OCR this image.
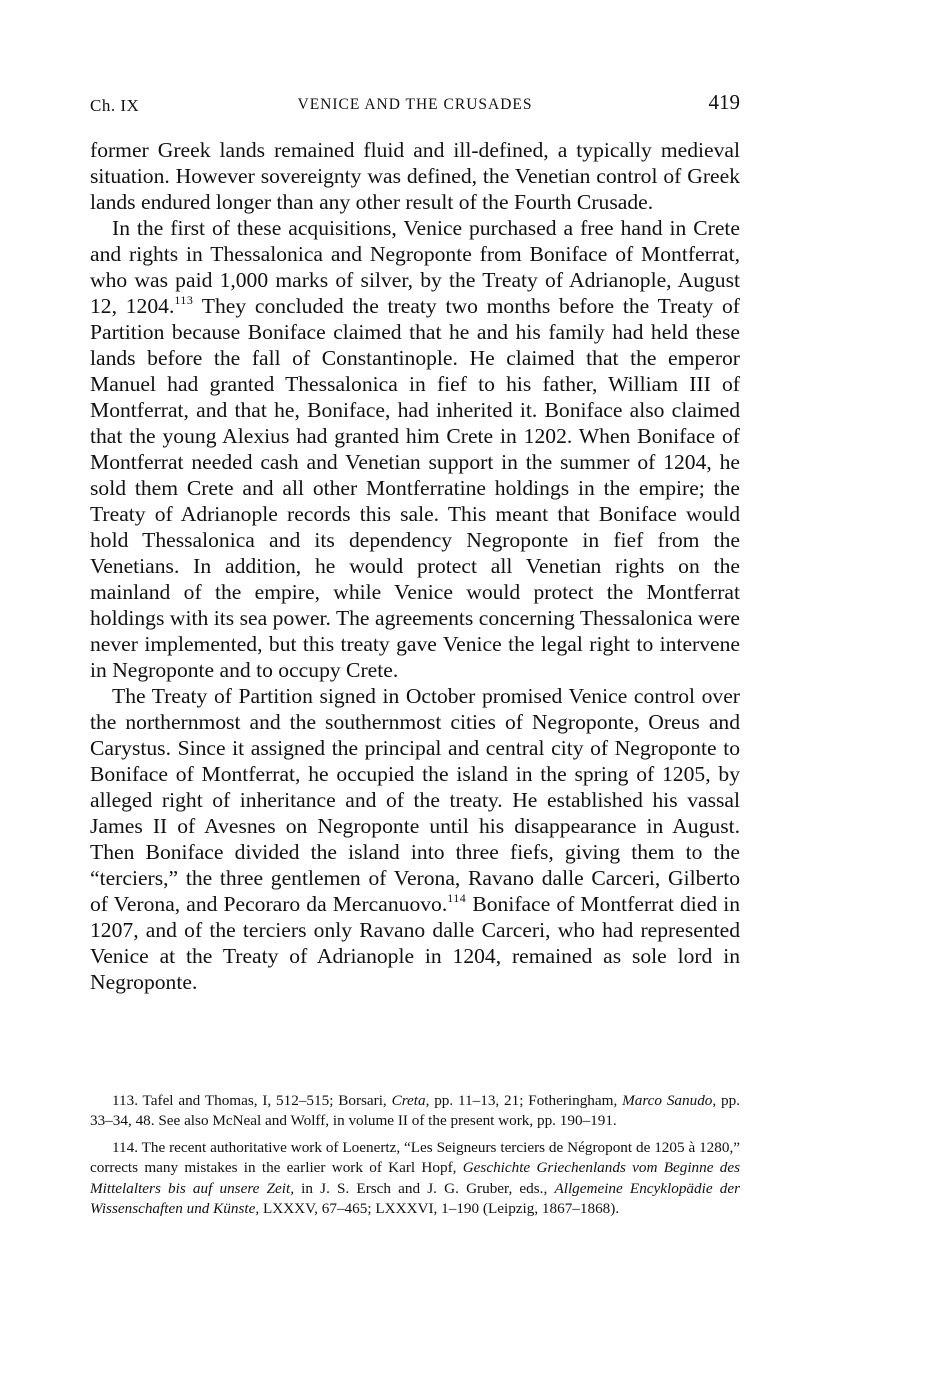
Ch. IX	VENICE AND THE CRUSADES	419

former Greek lands remained fluid and ill-defined, a typically medieval situation. However sovereignty was defined, the Venetian control of Greek lands endured longer than any other result of the Fourth Crusade.

In the first of these acquisitions, Venice purchased a free hand in Crete and rights in Thessalonica and Negroponte from Boniface of Montferrat, who was paid 1,000 marks of silver, by the Treaty of Adrianople, August 12, 1204.$^{113}$ They concluded the treaty two months before the Treaty of Partition because Boniface claimed that he and his family had held these lands before the fall of Constantinople. He claimed that the emperor Manuel had granted Thessalonica in fief to his father, William III of Montferrat, and that he, Boniface, had inherited it. Boniface also claimed that the young Alexius had granted him Crete in 1202. When Boniface of Montferrat needed cash and Venetian support in the summer of 1204, he sold them Crete and all other Montferratine holdings in the empire; the Treaty of Adrianople records this sale. This meant that Boniface would hold Thessalonica and its dependency Negroponte in fief from the Venetians. In addition, he would protect all Venetian rights on the mainland of the empire, while Venice would protect the Montferrat holdings with its sea power. The agreements concerning Thessalonica were never implemented, but this treaty gave Venice the legal right to intervene in Negroponte and to occupy Crete.

The Treaty of Partition signed in October promised Venice control over the northernmost and the southernmost cities of Negroponte, Oreus and Carystus. Since it assigned the principal and central city of Negroponte to Boniface of Montferrat, he occupied the island in the spring of 1205, by alleged right of inheritance and of the treaty. He established his vassal James II of Avesnes on Negroponte until his disappearance in August. Then Boniface divided the island into three fiefs, giving them to the “terciers,” the three gentlemen of Verona, Ravano dalle Carceri, Gilberto of Verona, and Pecoraro da Mercanuovo.$^{114}$ Boniface of Montferrat died in 1207, and of the terciers only Ravano dalle Carceri, who had represented Venice at the Treaty of Adrianople in 1204, remained as sole lord in Negroponte.

113. Tafel and Thomas, I, 512–515; Borsari, Creta, pp. 11–13, 21; Fotheringham, Marco Sanudo, pp. 33–34, 48. See also McNeal and Wolff, in volume II of the present work, pp. 190–191.

114. The recent authoritative work of Loenertz, “Les Seigneurs terciers de Négropont de 1205 à 1280,” corrects many mistakes in the earlier work of Karl Hopf, Geschichte Griechenlands vom Beginne des Mittelalters bis auf unsere Zeit, in J. S. Ersch and J. G. Gruber, eds., Allgemeine Encyklopädie der Wissenschaften und Künste, LXXXV, 67–465; LXXXVI, 1–190 (Leipzig, 1867–1868).
